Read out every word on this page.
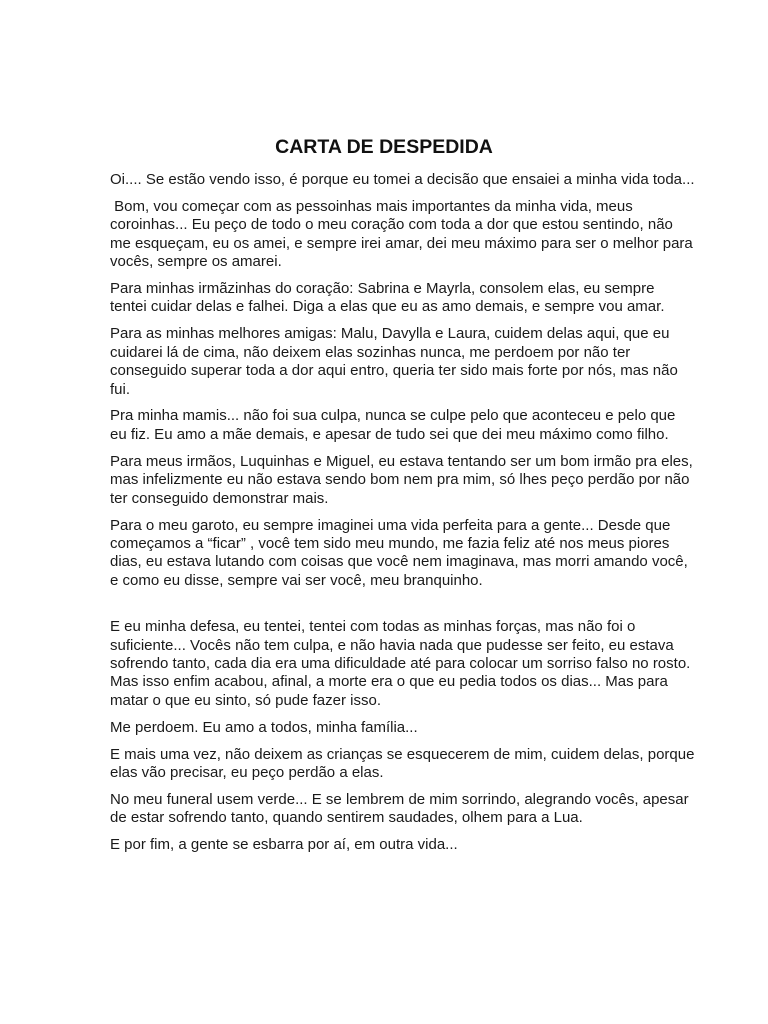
CARTA DE DESPEDIDA

Oi.... Se estão vendo isso, é porque eu tomei a decisão que ensaiei a minha vida toda...

Bom, vou começar com as pessoinhas mais importantes da minha vida, meus coroinhas... Eu peço de todo o meu coração com toda a dor que estou sentindo, não me esqueçam, eu os amei, e sempre irei amar, dei meu máximo para ser o melhor para vocês, sempre os amarei.

Para minhas irmãzinhas do coração: Sabrina e Mayrla, consolem elas, eu sempre tentei cuidar delas e falhei. Diga a elas que eu as amo demais, e sempre vou amar.

Para as minhas melhores amigas: Malu, Davylla e Laura, cuidem delas aqui, que eu cuidarei lá de cima, não deixem elas sozinhas nunca, me perdoem por não ter conseguido superar toda a dor aqui entro, queria ter sido mais forte por nós, mas não fui.

Pra minha mamis... não foi sua culpa, nunca se culpe pelo que aconteceu e pelo que eu fiz. Eu amo a mãe demais, e apesar de tudo sei que dei meu máximo como filho.

Para meus irmãos, Luquinhas e Miguel, eu estava tentando ser um bom irmão pra eles, mas infelizmente eu não estava sendo bom nem pra mim, só lhes peço perdão por não ter conseguido demonstrar mais.

Para o meu garoto, eu sempre imaginei uma vida perfeita para a gente... Desde que começamos a “ficar” , você tem sido meu mundo, me fazia feliz até nos meus piores dias, eu estava lutando com coisas que você nem imaginava, mas morri amando você, e como eu disse, sempre vai ser você, meu branquinho.

E eu minha defesa, eu tentei, tentei com todas as minhas forças, mas não foi o suficiente... Vocês não tem culpa, e não havia nada que pudesse ser feito, eu estava sofrendo tanto, cada dia era uma dificuldade até para colocar um sorriso falso no rosto. Mas isso enfim acabou, afinal, a morte era o que eu pedia todos os dias... Mas para matar o que eu sinto, só pude fazer isso.

Me perdoem. Eu amo a todos, minha família...

E mais uma vez, não deixem as crianças se esquecerem de mim, cuidem delas, porque elas vão precisar, eu peço perdão a elas.

No meu funeral usem verde... E se lembrem de mim sorrindo, alegrando vocês, apesar de estar sofrendo tanto, quando sentirem saudades, olhem para a Lua.

E por fim, a gente se esbarra por aí, em outra vida...
